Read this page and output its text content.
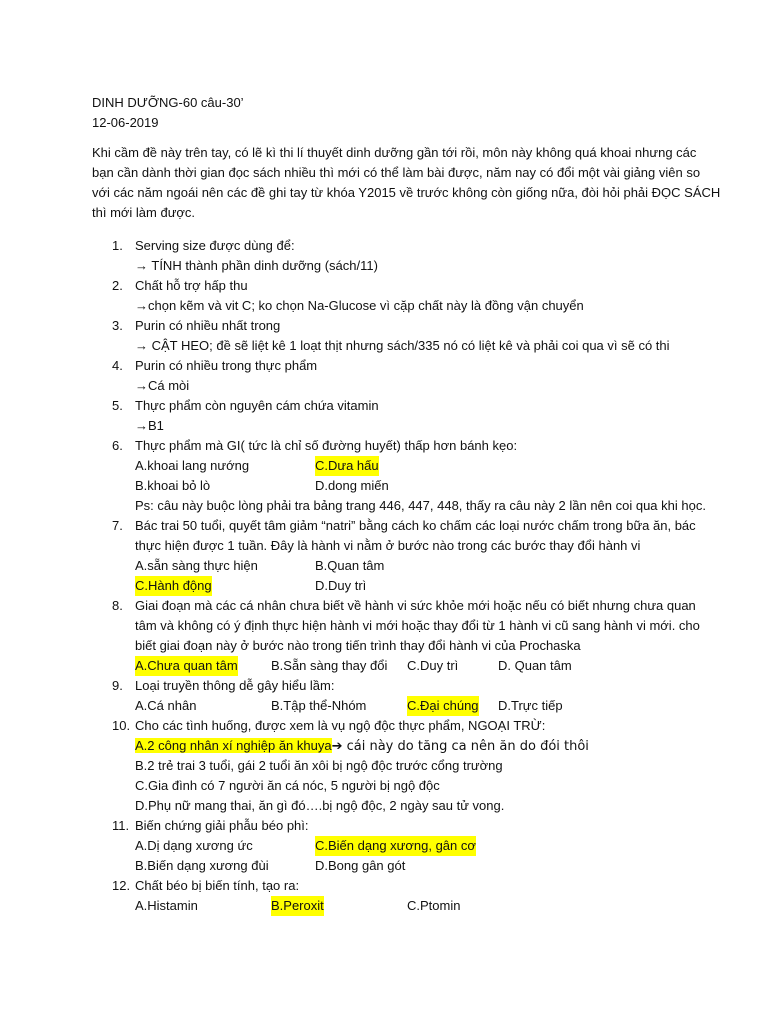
DINH DƯỠNG-60 câu-30’
12-06-2019
Khi cầm đề này trên tay, có lẽ kì thi lí thuyết dinh dưỡng gần tới rồi, môn này không quá khoai nhưng các
bạn cần dành thời gian đọc sách nhiều thì mới có thể làm bài được, năm nay có đổi một vài giảng viên so
với các năm ngoái nên các đề ghi tay từ khóa Y2015 về trước không còn giống nữa, đòi hỏi phải ĐỌC SÁCH
thì mới làm được.
1. Serving size được dùng để:
→ TÍNH thành phần dinh dưỡng (sách/11)
2. Chất hỗ trợ hấp thu
→chọn kẽm và vit C; ko chọn Na-Glucose vì cặp chất này là đồng vận chuyển
3. Purin có nhiều nhất trong
→ CẬT HEO; đề sẽ liệt kê 1 loạt thịt nhưng sách/335 nó có liệt kê và phải coi qua vì sẽ có thi
4. Purin có nhiều trong thực phẩm
→Cá mòi
5. Thực phẩm còn nguyên cám chứa vitamin
→B1
6. Thực phẩm mà GI( tức là chỉ số đường huyết) thấp hơn bánh kẹo:
A.khoai lang nướng	C.Dưa hấu
B.khoai bỏ lò	D.dong miến
Ps: câu này buộc lòng phải tra bảng trang 446, 447, 448, thấy ra câu này 2 lần nên coi qua khi học.
7. Bác trai 50 tuổi, quyết tâm giảm “natri” bằng cách ko chấm các loại nước chấm trong bữa ăn, bác
thực hiện được 1 tuần. Đây là hành vi nằm ở bước nào trong các bước thay đổi hành vi
A.sẵn sàng thực hiện	B.Quan tâm
C.Hành động	D.Duy trì
8. Giai đoạn mà các cá nhân chưa biết về hành vi sức khỏe mới hoặc nếu có biết nhưng chưa quan
tâm và không có ý định thực hiện hành vi mới hoặc thay đổi từ 1 hành vi cũ sang hành vi mới. cho
biết giai đoạn này ở bước nào trong tiến trình thay đổi hành vi của Prochaska
A.Chưa quan tâm	B.Sẵn sàng thay đổi C.Duy trì	D. Quan tâm
9. Loại truyền thông dễ gây hiểu lầm:
A.Cá nhân	B.Tập thể-Nhóm	C.Đại chúng D.Trực tiếp
10. Cho các tình huống, được xem là vụ ngộ độc thực phẩm, NGOẠI TRỪ:
A.2 công nhân xí nghiệp ăn khuya➔ cái này do tăng ca nên ăn do đói thôi
B.2 trẻ trai 3 tuổi, gái 2 tuổi ăn xôi bị ngộ độc trước cổng trường
C.Gia đình có 7 người ăn cá nóc, 5 người bị ngộ độc
D.Phụ nữ mang thai, ăn gì đó….bị ngộ độc, 2 ngày sau tử vong.
11. Biến chứng giải phẫu béo phì:
A.Dị dạng xương ức	C.Biến dạng xương, gân cơ
B.Biến dạng xương đùi	D.Bong gân gót
12. Chất béo bị biến tính, tạo ra:
A.Histamin	B.Peroxit	C.Ptomin
